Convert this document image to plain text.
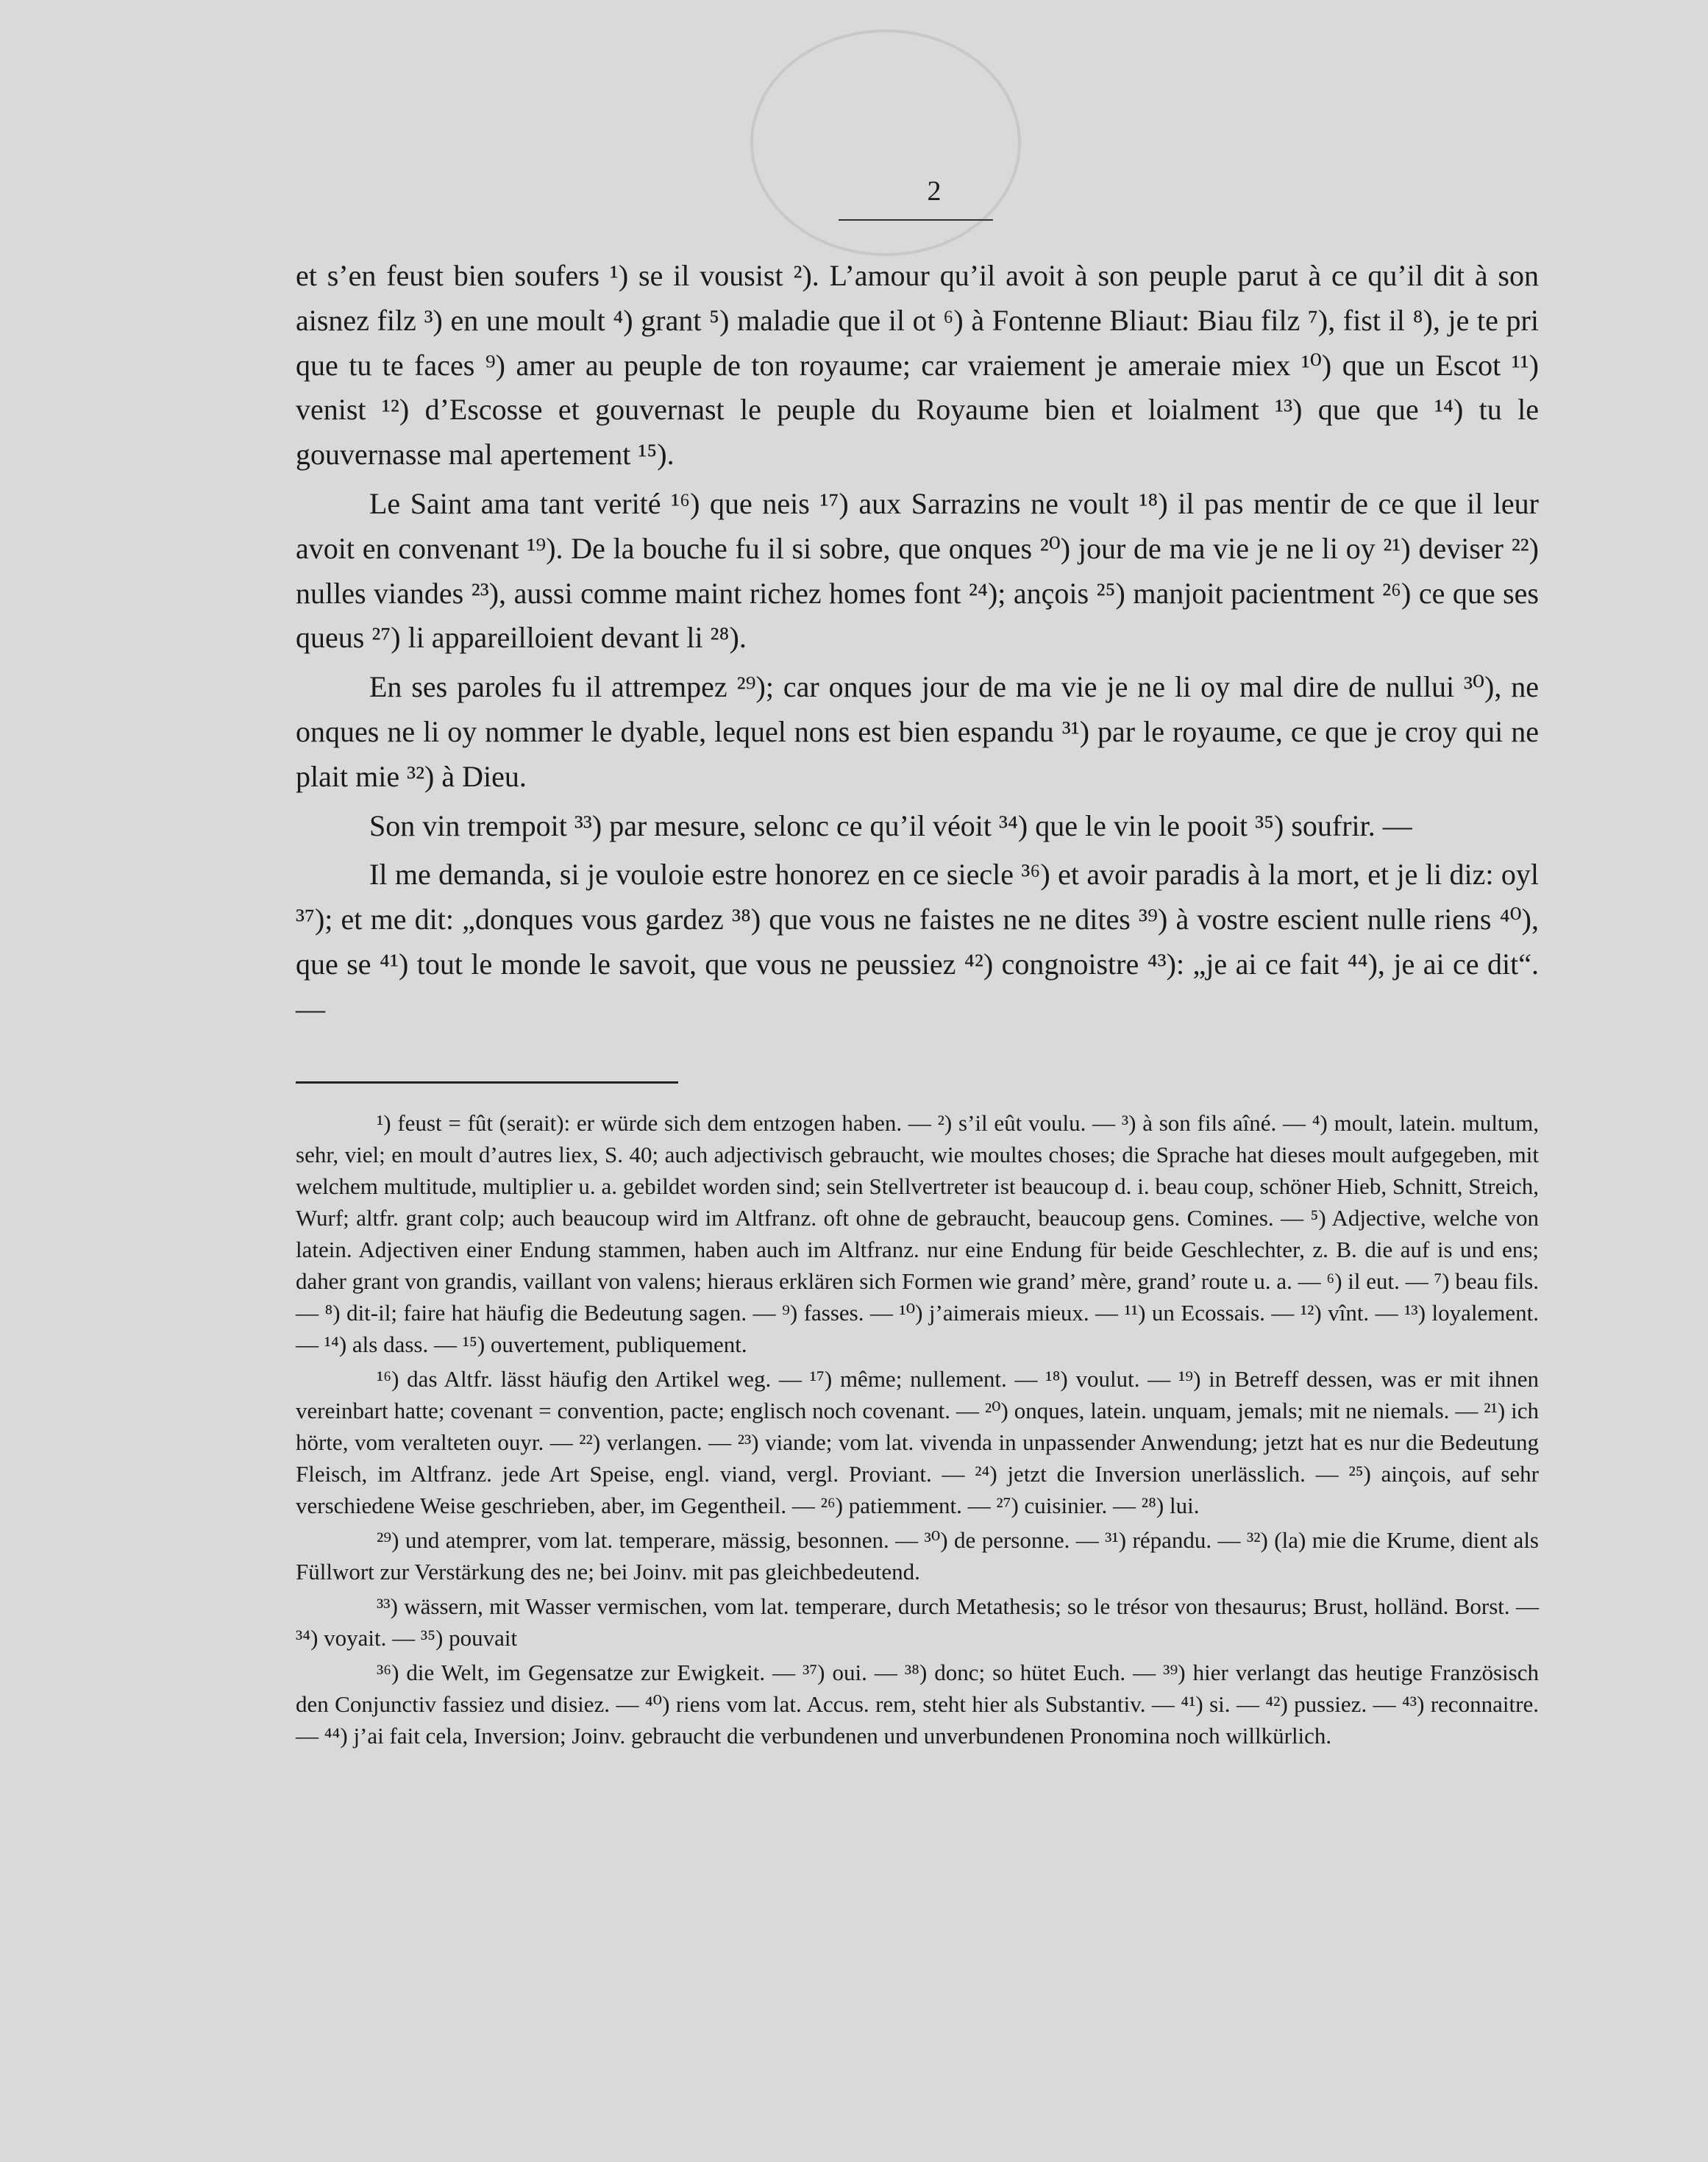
2

et s’en feust bien soufers ¹) se il vousist ²). L’amour qu’il avoit à son peuple parut à ce qu’il dit à son aisnez filz ³) en une moult ⁴) grant ⁵) maladie que il ot ⁶) à Fontenne Bliaut: Biau filz ⁷), fist il ⁸), je te pri que tu te faces ⁹) amer au peuple de ton royaume; car vraiement je ameraie miex ¹⁰) que un Escot ¹¹) venist ¹²) d’Escosse et gouvernast le peuple du Royaume bien et loialment ¹³) que que ¹⁴) tu le gouvernasse mal apertement ¹⁵).

Le Saint ama tant verité ¹⁶) que neis ¹⁷) aux Sarrazins ne voult ¹⁸) il pas mentir de ce que il leur avoit en convenant ¹⁹). De la bouche fu il si sobre, que onques ²⁰) jour de ma vie je ne li oy ²¹) deviser ²²) nulles viandes ²³), aussi comme maint richez homes font ²⁴); ançois ²⁵) manjoit pacientment ²⁶) ce que ses queus ²⁷) li appareilloient devant li ²⁸).

En ses paroles fu il attrempez ²⁹); car onques jour de ma vie je ne li oy mal dire de nullui ³⁰), ne onques ne li oy nommer le dyable, lequel nons est bien espandu ³¹) par le royaume, ce que je croy qui ne plait mie ³²) à Dieu.

Son vin trempoit ³³) par mesure, selonc ce qu’il véoit ³⁴) que le vin le pooit ³⁵) soufrir. —

Il me demanda, si je vouloie estre honorez en ce siecle ³⁶) et avoir paradis à la mort, et je li diz: oyl ³⁷); et me dit: „donques vous gardez ³⁸) que vous ne faistes ne ne dites ³⁹) à vostre escient nulle riens ⁴⁰), que se ⁴¹) tout le monde le savoit, que vous ne peussiez ⁴²) congnoistre ⁴³): „je ai ce fait ⁴⁴), je ai ce dit“. —

¹) feust = fût (serait): er würde sich dem entzogen haben. — ²) s’il eût voulu. — ³) à son fils aîné. — ⁴) moult, latein. multum, sehr, viel; en moult d’autres liex, S. 40; auch adjectivisch gebraucht, wie moultes choses; die Sprache hat dieses moult aufgegeben, mit welchem multitude, multiplier u. a. gebildet worden sind; sein Stellvertreter ist beaucoup d. i. beau coup, schöner Hieb, Schnitt, Streich, Wurf; altfr. grant colp; auch beaucoup wird im Altfranz. oft ohne de gebraucht, beaucoup gens. Comines. — ⁵) Adjective, welche von latein. Adjectiven einer Endung stammen, haben auch im Altfranz. nur eine Endung für beide Geschlechter, z. B. die auf is und ens; daher grant von grandis, vaillant von valens; hieraus erklären sich Formen wie grand’ mère, grand’ route u. a. — ⁶) il eut. — ⁷) beau fils. — ⁸) dit-il; faire hat häufig die Bedeutung sagen. — ⁹) fasses. — ¹⁰) j’aimerais mieux. — ¹¹) un Ecossais. — ¹²) vînt. — ¹³) loyalement. — ¹⁴) als dass. — ¹⁵) ouvertement, publiquement.

¹⁶) das Altfr. lässt häufig den Artikel weg. — ¹⁷) même; nullement. — ¹⁸) voulut. — ¹⁹) in Betreff dessen, was er mit ihnen vereinbart hatte; covenant = convention, pacte; englisch noch covenant. — ²⁰) onques, latein. unquam, jemals; mit ne niemals. — ²¹) ich hörte, vom veralteten ouyr. — ²²) verlangen. — ²³) viande; vom lat. vivenda in unpassender Anwendung; jetzt hat es nur die Bedeutung Fleisch, im Altfranz. jede Art Speise, engl. viand, vergl. Proviant. — ²⁴) jetzt die Inversion unerlässlich. — ²⁵) ainçois, auf sehr verschiedene Weise geschrieben, aber, im Gegentheil. — ²⁶) patiemment. — ²⁷) cuisinier. — ²⁸) lui.

²⁹) und atemprer, vom lat. temperare, mässig, besonnen. — ³⁰) de personne. — ³¹) répandu. — ³²) (la) mie die Krume, dient als Füllwort zur Verstärkung des ne; bei Joinv. mit pas gleichbedeutend.

³³) wässern, mit Wasser vermischen, vom lat. temperare, durch Metathesis; so le trésor von thesaurus; Brust, holländ. Borst. — ³⁴) voyait. — ³⁵) pouvait

³⁶) die Welt, im Gegensatze zur Ewigkeit. — ³⁷) oui. — ³⁸) donc; so hütet Euch. — ³⁹) hier verlangt das heutige Französisch den Conjunctiv fassiez und disiez. — ⁴⁰) riens vom lat. Accus. rem, steht hier als Substantiv. — ⁴¹) si. — ⁴²) pussiez. — ⁴³) reconnaitre. — ⁴⁴) j’ai fait cela, Inversion; Joinv. gebraucht die verbundenen und unverbundenen Pronomina noch willkürlich.
